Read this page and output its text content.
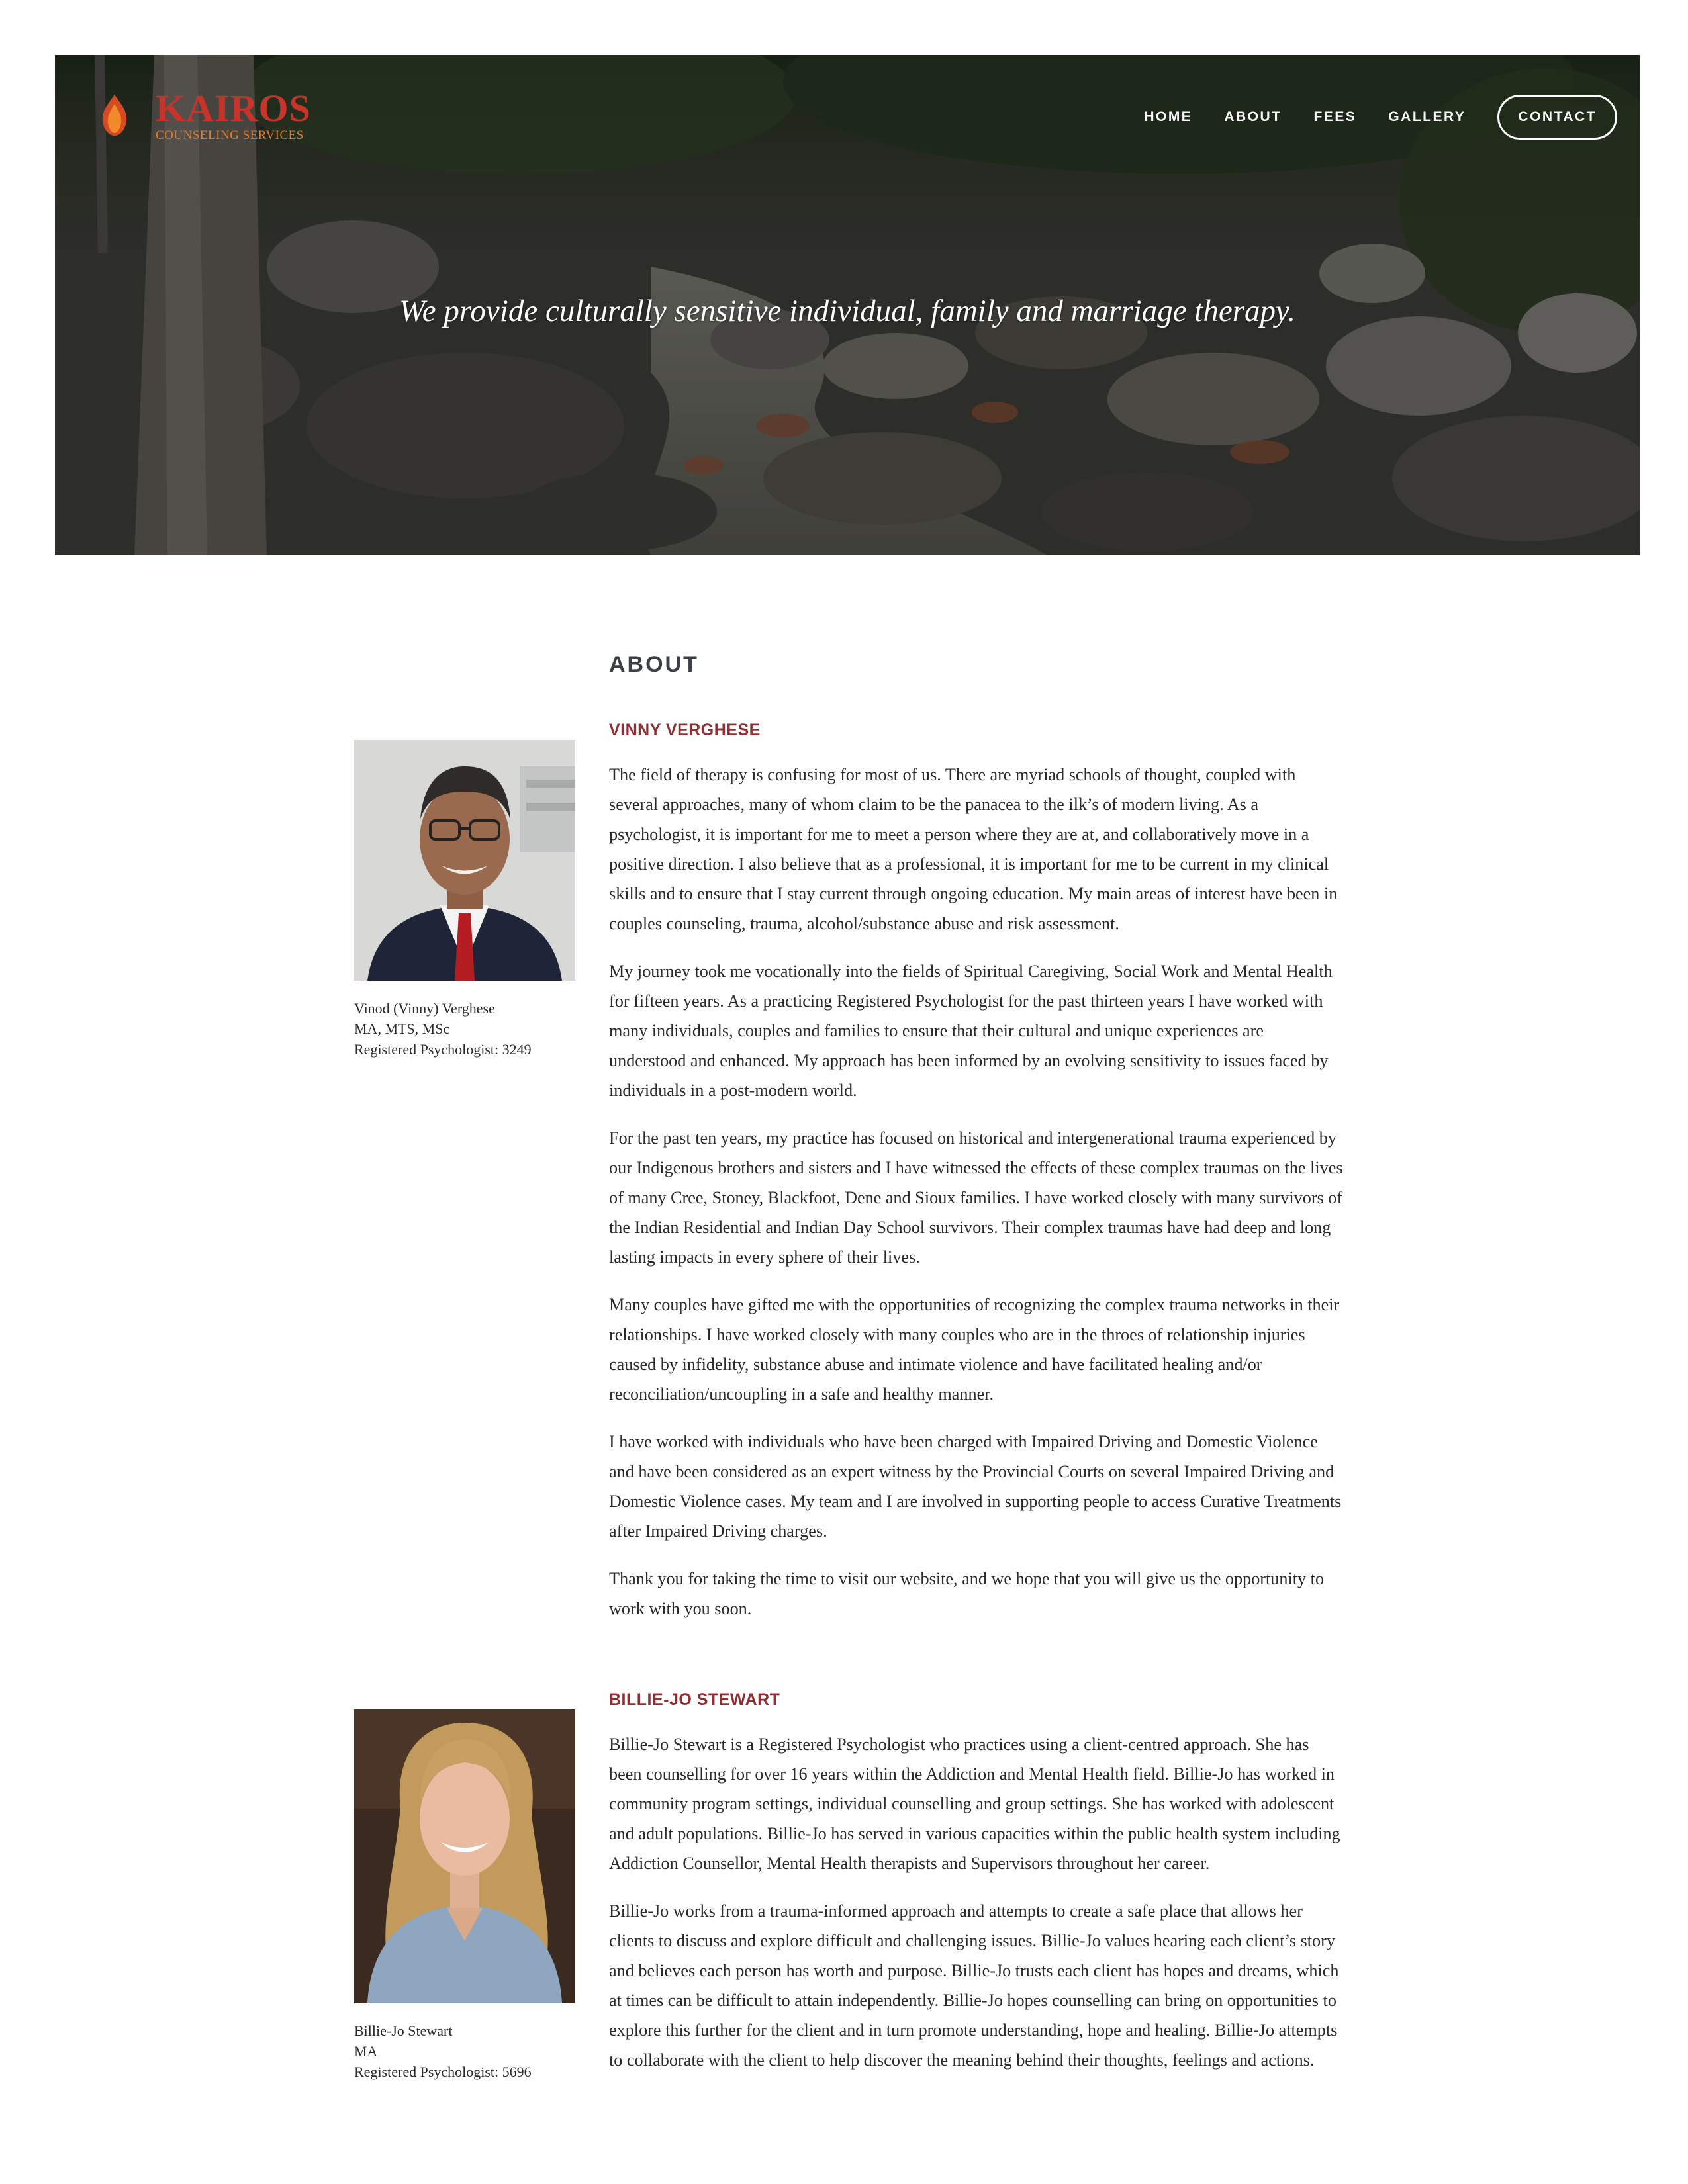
KAIROS
COUNSELING SERVICES
HOME ABOUT FEES GALLERY	CONTACT
We provide culturally sensitive individual, family and marriage therapy.
ABOUT
Vinod (Vinny) Verghese
MA, MTS, MSc
Registered Psychologist: 3249
VINNY VERGHESE

The field of therapy is confusing for most of us. There are myriad schools of thought, coupled with several approaches, many of whom claim to be the panacea to the ilk’s of modern living. As a psychologist, it is important for me to meet a person where they are at, and collaboratively move in a positive direction. I also believe that as a professional, it is important for me to be current in my clinical skills and to ensure that I stay current through ongoing education. My main areas of interest have been in couples counseling, trauma, alcohol/substance abuse and risk assessment.

My journey took me vocationally into the fields of Spiritual Caregiving, Social Work and Mental Health for fifteen years. As a practicing Registered Psychologist for the past thirteen years I have worked with many individuals, couples and families to ensure that their cultural and unique experiences are understood and enhanced. My approach has been informed by an evolving sensitivity to issues faced by individuals in a post-modern world.

For the past ten years, my practice has focused on historical and intergenerational trauma experienced by our Indigenous brothers and sisters and I have witnessed the effects of these complex traumas on the lives of many Cree, Stoney, Blackfoot, Dene and Sioux families. I have worked closely with many survivors of the Indian Residential and Indian Day School survivors. Their complex traumas have had deep and long lasting impacts in every sphere of their lives.

Many couples have gifted me with the opportunities of recognizing the complex trauma networks in their relationships. I have worked closely with many couples who are in the throes of relationship injuries caused by infidelity, substance abuse and intimate violence and have facilitated healing and/or reconciliation/uncoupling in a safe and healthy manner.

I have worked with individuals who have been charged with Impaired Driving and Domestic Violence and have been considered as an expert witness by the Provincial Courts on several Impaired Driving and Domestic Violence cases. My team and I are involved in supporting people to access Curative Treatments after Impaired Driving charges.

Thank you for taking the time to visit our website, and we hope that you will give us the opportunity to work with you soon.

Billie-Jo Stewart
MA
Registered Psychologist: 5696
BILLIE-JO STEWART

Billie-Jo Stewart is a Registered Psychologist who practices using a client-centred approach. She has been counselling for over 16 years within the Addiction and Mental Health field. Billie-Jo has worked in community program settings, individual counselling and group settings. She has worked with adolescent and adult populations. Billie-Jo has served in various capacities within the public health system including Addiction Counsellor, Mental Health therapists and Supervisors throughout her career.

Billie-Jo works from a trauma-informed approach and attempts to create a safe place that allows her clients to discuss and explore difficult and challenging issues. Billie-Jo values hearing each client’s story and believes each person has worth and purpose. Billie-Jo trusts each client has hopes and dreams, which at times can be difficult to attain independently. Billie-Jo hopes counselling can bring on opportunities to explore this further for the client and in turn promote understanding, hope and healing. Billie-Jo attempts to collaborate with the client to help discover the meaning behind their thoughts, feelings and actions.
